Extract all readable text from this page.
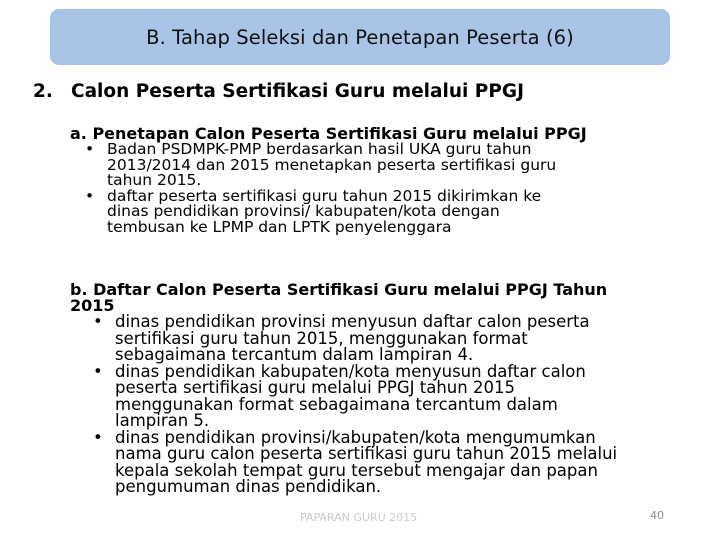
B. Tahap Seleksi dan Penetapan Peserta (6)
2. Calon Peserta Sertifikasi Guru melalui PPGJ
a. Penetapan Calon Peserta Sertifikasi Guru melalui PPGJ
• Badan PSDMPK-PMP berdasarkan hasil UKA guru tahun
2013/2014 dan 2015 menetapkan peserta sertifikasi guru
tahun 2015.
• daftar peserta sertifikasi guru tahun 2015 dikirimkan ke
dinas pendidikan provinsi/ kabupaten/kota dengan
tembusan ke LPMP dan LPTK penyelenggara
b. Daftar Calon Peserta Sertifikasi Guru melalui PPGJ Tahun
2015
• dinas pendidikan provinsi menyusun daftar calon peserta
sertifikasi guru tahun 2015, menggunakan format
sebagaimana tercantum dalam lampiran 4.
• dinas pendidikan kabupaten/kota menyusun daftar calon
peserta sertifikasi guru melalui PPGJ tahun 2015
menggunakan format sebagaimana tercantum dalam
lampiran 5.
• dinas pendidikan provinsi/kabupaten/kota mengumumkan
nama guru calon peserta sertifikasi guru tahun 2015 melalui
kepala sekolah tempat guru tersebut mengajar dan papan
pengumuman dinas pendidikan.
PAPARAN GURU 2015	40
